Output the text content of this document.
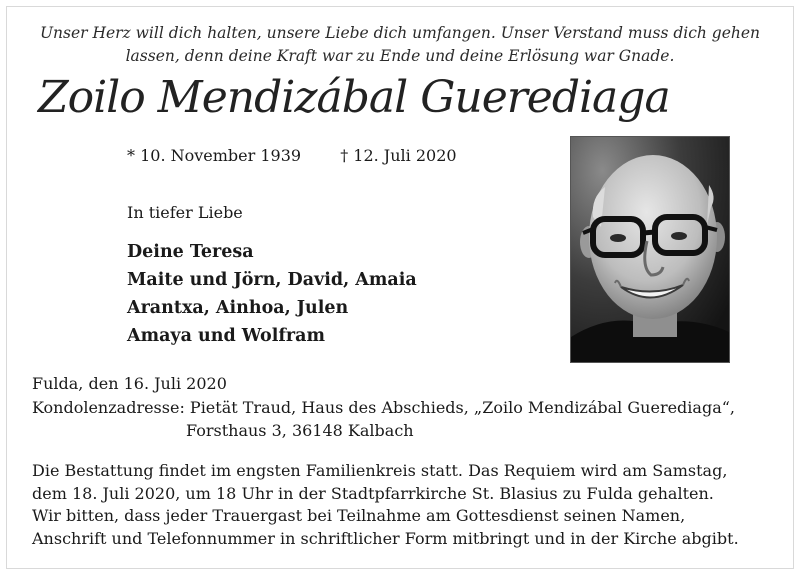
Unser Herz will dich halten, unsere Liebe dich umfangen. Unser Verstand muss dich gehen
lassen, denn deine Kraft war zu Ende und deine Erlösung war Gnade.
Zoilo Mendizábal Guerediaga
* 10. November 1939 † 12. Juli 2020
In tiefer Liebe
Deine Teresa
Maite und Jörn, David, Amaia
Arantxa, Ainhoa, Julen
Amaya und Wolfram
Fulda, den 16. Juli 2020
Kondolenzadresse: Pietät Traud, Haus des Abschieds, „Zoilo Mendizábal Guerediaga“,
Forsthaus 3, 36148 Kalbach
Die Bestattung findet im engsten Familienkreis statt. Das Requiem wird am Samstag,
dem 18. Juli 2020, um 18 Uhr in der Stadtpfarrkirche St. Blasius zu Fulda gehalten.
Wir bitten, dass jeder Trauergast bei Teilnahme am Gottesdienst seinen Namen,
Anschrift und Telefonnummer in schriftlicher Form mitbringt und in der Kirche abgibt.
